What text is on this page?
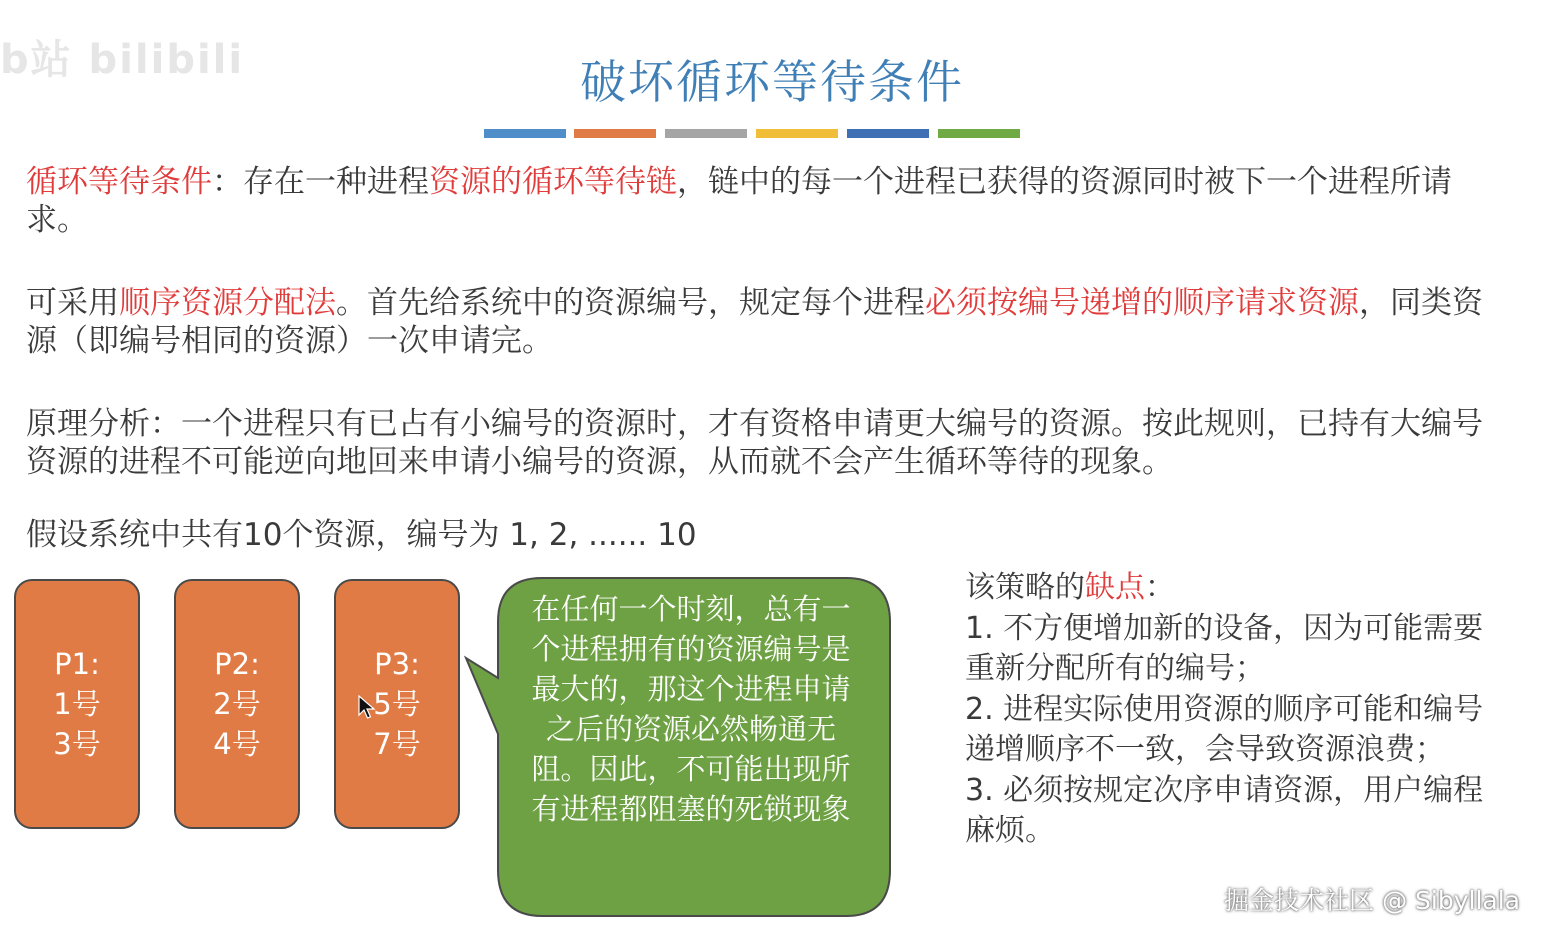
b站 bilibili	破坏循环等待条件
循环等待条件：存在一种进程资源的循环等待链，链中的每一个进程已获得的资源同时被下一个进程所请求。
可采用顺序资源分配法。首先给系统中的资源编号，规定每个进程必须按编号递增的顺序请求资源，同类资源（即编号相同的资源）一次申请完。
原理分析：一个进程只有已占有小编号的资源时，才有资格申请更大编号的资源。按此规则，已持有大编号资源的进程不可能逆向地回来申请小编号的资源，从而就不会产生循环等待的现象。
假设系统中共有10个资源，编号为 1, 2, ...... 10
P1:
1号
3号
P2:
2号
4号
P3:
5号
7号
在任何一个时刻，总有一个进程拥有的资源编号是最大的，那这个进程申请之后的资源必然畅通无阻。因此，不可能出现所有进程都阻塞的死锁现象
该策略的缺点：
1. 不方便增加新的设备，因为可能需要重新分配所有的编号；
2. 进程实际使用资源的顺序可能和编号递增顺序不一致，会导致资源浪费；
3. 必须按规定次序申请资源，用户编程麻烦。
掘金技术社区 @ Sibyllala
